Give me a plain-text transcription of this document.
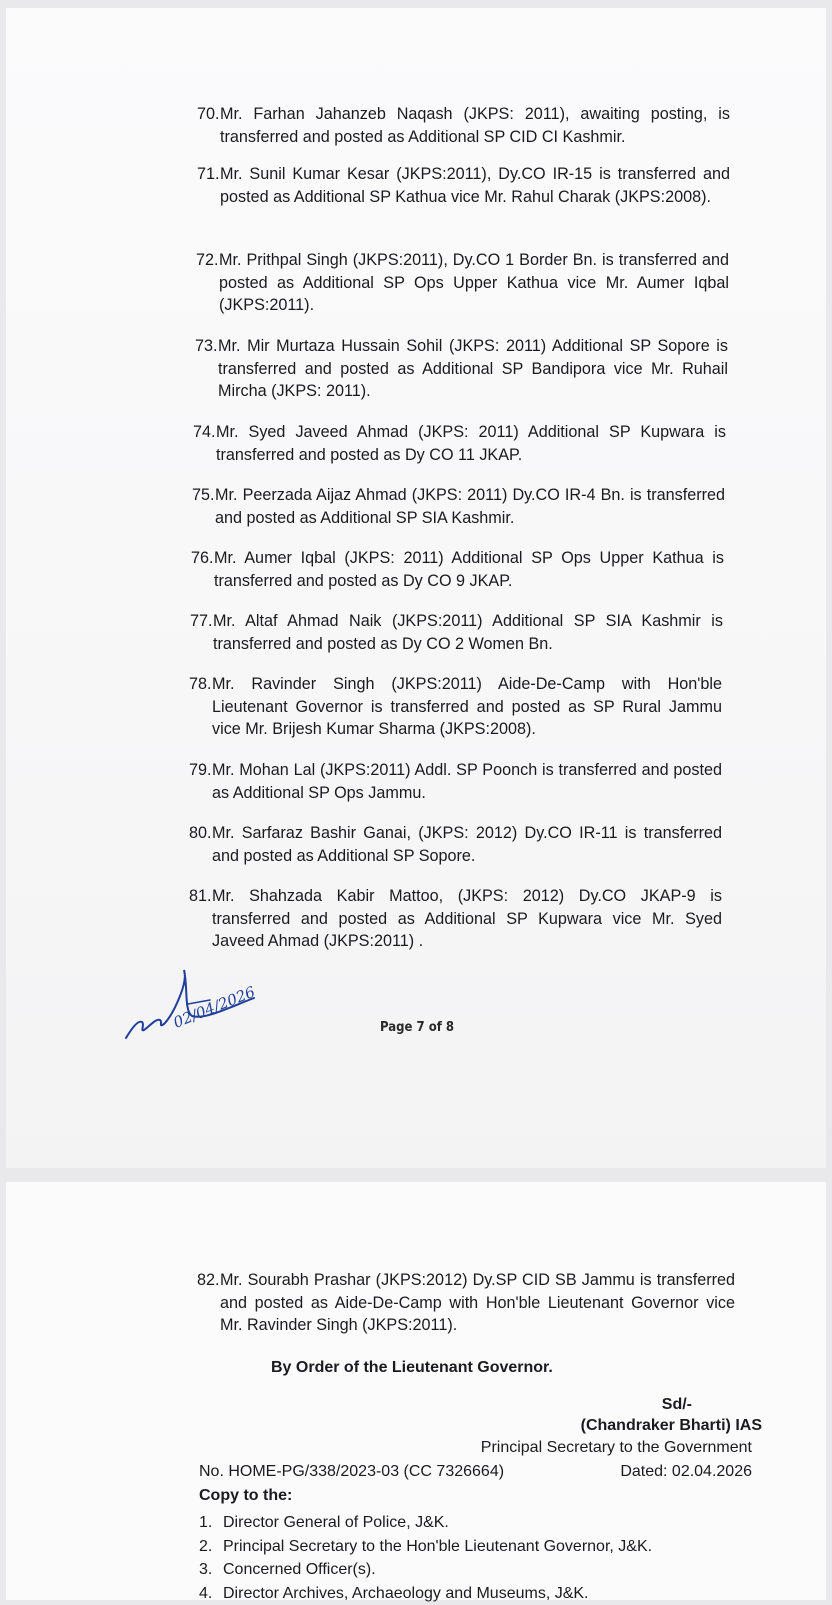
70. Mr. Farhan Jahanzeb Naqash (JKPS: 2011), awaiting posting, is transferred and posted as Additional SP CID CI Kashmir.
71. Mr. Sunil Kumar Kesar (JKPS:2011), Dy.CO IR-15 is transferred and posted as Additional SP Kathua vice Mr. Rahul Charak (JKPS:2008).
72. Mr. Prithpal Singh (JKPS:2011), Dy.CO 1 Border Bn. is transferred and posted as Additional SP Ops Upper Kathua vice Mr. Aumer Iqbal (JKPS:2011).
73. Mr. Mir Murtaza Hussain Sohil (JKPS: 2011) Additional SP Sopore is transferred and posted as Additional SP Bandipora vice Mr. Ruhail Mircha (JKPS: 2011).
74. Mr. Syed Javeed Ahmad (JKPS: 2011) Additional SP Kupwara is transferred and posted as Dy CO 11 JKAP.
75. Mr. Peerzada Aijaz Ahmad (JKPS: 2011) Dy.CO IR-4 Bn. is transferred and posted as Additional SP SIA Kashmir.
76. Mr. Aumer Iqbal (JKPS: 2011) Additional SP Ops Upper Kathua is transferred and posted as Dy CO 9 JKAP.
77. Mr. Altaf Ahmad Naik (JKPS:2011) Additional SP SIA Kashmir is transferred and posted as Dy CO 2 Women Bn.
78. Mr. Ravinder Singh (JKPS:2011) Aide-De-Camp with Hon'ble Lieutenant Governor is transferred and posted as SP Rural Jammu vice Mr. Brijesh Kumar Sharma (JKPS:2008).
79. Mr. Mohan Lal (JKPS:2011) Addl. SP Poonch is transferred and posted as Additional SP Ops Jammu.
80. Mr. Sarfaraz Bashir Ganai, (JKPS: 2012) Dy.CO IR-11 is transferred and posted as Additional SP Sopore.
81. Mr. Shahzada Kabir Mattoo, (JKPS: 2012) Dy.CO JKAP-9 is transferred and posted as Additional SP Kupwara vice Mr. Syed Javeed Ahmad (JKPS:2011) .
02/04/2026	Page 7 of 8
82. Mr. Sourabh Prashar (JKPS:2012) Dy.SP CID SB Jammu is transferred and posted as Aide-De-Camp with Hon'ble Lieutenant Governor vice Mr. Ravinder Singh (JKPS:2011).
By Order of the Lieutenant Governor.
Sd/-
(Chandraker Bharti) IAS
Principal Secretary to the Government
No. HOME-PG/338/2023-03 (CC 7326664)	Dated: 02.04.2026
Copy to the:
1. Director General of Police, J&K.
2. Principal Secretary to the Hon'ble Lieutenant Governor, J&K.
3. Concerned Officer(s).
4. Director Archives, Archaeology and Museums, J&K.
